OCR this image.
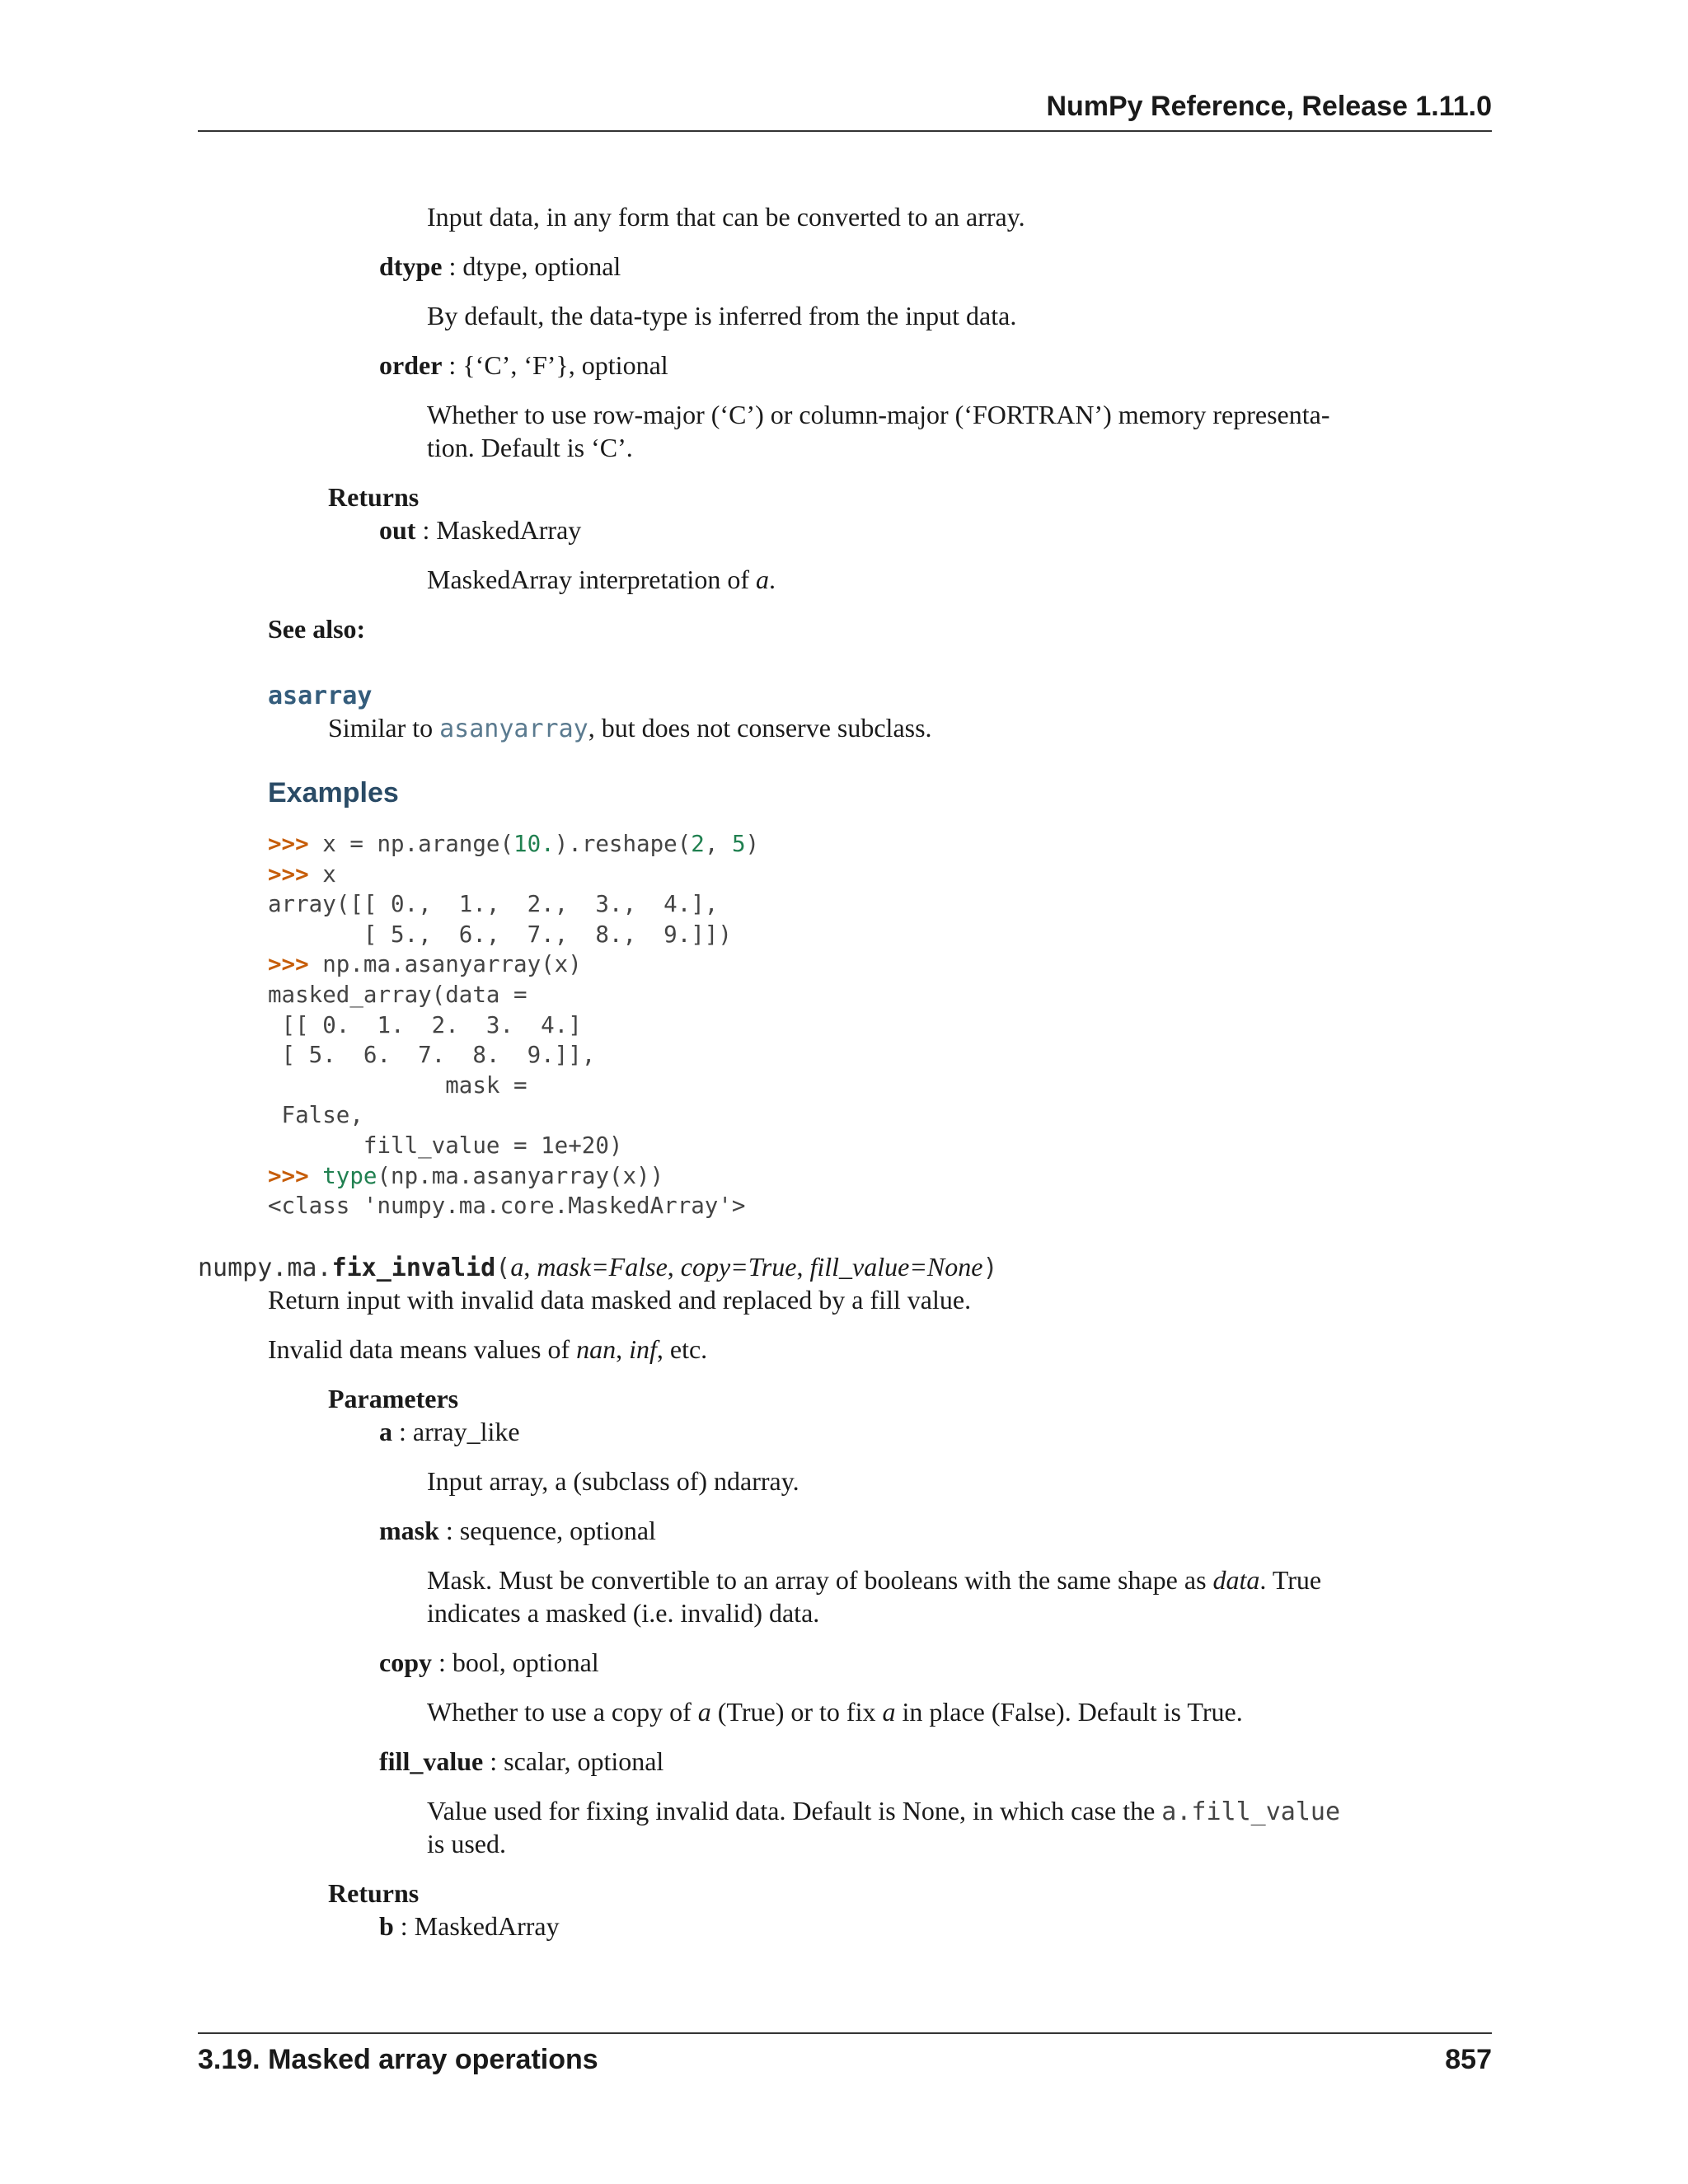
NumPy Reference, Release 1.11.0
Input data, in any form that can be converted to an array.
dtype : dtype, optional
By default, the data-type is inferred from the input data.
order : {‘C’, ‘F’}, optional
Whether to use row-major (‘C’) or column-major (‘FORTRAN’) memory representa-
tion. Default is ‘C’.
Returns
out : MaskedArray
MaskedArray interpretation of a.
See also:
asarray
Similar to asanyarray, but does not conserve subclass.
Examples
>>> x = np.arange(10.).reshape(2, 5)
>>> x
array([[ 0.,  1.,  2.,  3.,  4.],
[ 5.,  6.,  7.,  8.,  9.]])
>>> np.ma.asanyarray(x)
masked_array(data =
[[ 0.  1.  2.  3.  4.]
[ 5.  6.  7.  8.  9.]],
mask =
False,
fill_value = 1e+20)
>>> type(np.ma.asanyarray(x))
<class 'numpy.ma.core.MaskedArray'>
numpy.ma.fix_invalid(a, mask=False, copy=True, fill_value=None)
Return input with invalid data masked and replaced by a fill value.
Invalid data means values of nan, inf, etc.
Parameters
a : array_like
Input array, a (subclass of) ndarray.
mask : sequence, optional
Mask. Must be convertible to an array of booleans with the same shape as data. True
indicates a masked (i.e. invalid) data.
copy : bool, optional
Whether to use a copy of a (True) or to fix a in place (False). Default is True.
fill_value : scalar, optional
Value used for fixing invalid data. Default is None, in which case the a.fill_value
is used.
Returns
b : MaskedArray
3.19. Masked array operations	857
